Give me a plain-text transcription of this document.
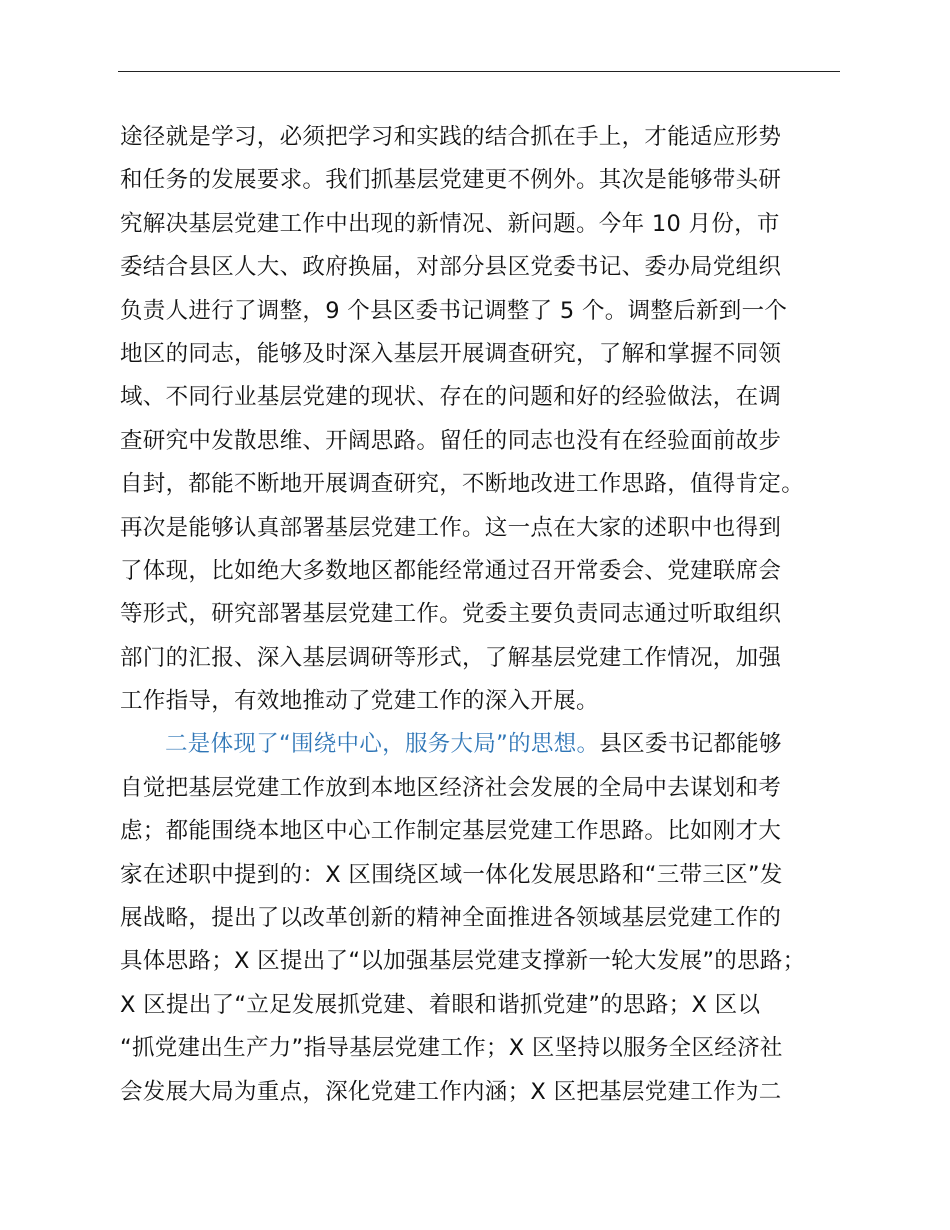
途径就是学习，必须把学习和实践的结合抓在手上，才能适应形势
和任务的发展要求。我们抓基层党建更不例外。其次是能够带头研
究解决基层党建工作中出现的新情况、新问题。今年 10 月份，市
委结合县区人大、政府换届，对部分县区党委书记、委办局党组织
负责人进行了调整，9 个县区委书记调整了 5 个。调整后新到一个
地区的同志，能够及时深入基层开展调查研究，了解和掌握不同领
域、不同行业基层党建的现状、存在的问题和好的经验做法，在调
查研究中发散思维、开阔思路。留任的同志也没有在经验面前故步
自封，都能不断地开展调查研究，不断地改进工作思路，值得肯定。
再次是能够认真部署基层党建工作。这一点在大家的述职中也得到
了体现，比如绝大多数地区都能经常通过召开常委会、党建联席会
等形式，研究部署基层党建工作。党委主要负责同志通过听取组织
部门的汇报、深入基层调研等形式，了解基层党建工作情况，加强
工作指导，有效地推动了党建工作的深入开展。
二是体现了“围绕中心，服务大局”的思想。县区委书记都能够
自觉把基层党建工作放到本地区经济社会发展的全局中去谋划和考
虑；都能围绕本地区中心工作制定基层党建工作思路。比如刚才大
家在述职中提到的：X 区围绕区域一体化发展思路和“三带三区”发
展战略，提出了以改革创新的精神全面推进各领域基层党建工作的
具体思路；X 区提出了“以加强基层党建支撑新一轮大发展”的思路；
X 区提出了“立足发展抓党建、着眼和谐抓党建”的思路；X 区以
“抓党建出生产力”指导基层党建工作；X 区坚持以服务全区经济社
会发展大局为重点，深化党建工作内涵；X 区把基层党建工作为二
